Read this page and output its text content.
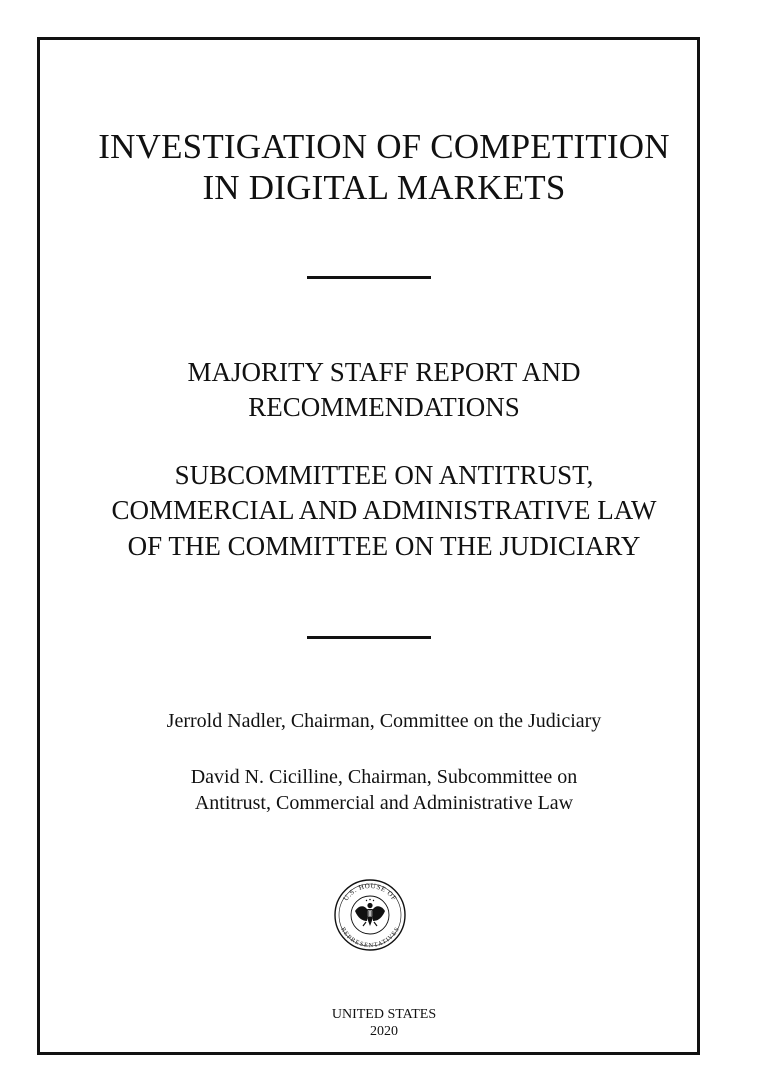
INVESTIGATION OF COMPETITION
IN DIGITAL MARKETS
MAJORITY STAFF REPORT AND
RECOMMENDATIONS
SUBCOMMITTEE ON ANTITRUST,
COMMERCIAL AND ADMINISTRATIVE LAW
OF THE COMMITTEE ON THE JUDICIARY
Jerrold Nadler, Chairman, Committee on the Judiciary
David N. Cicilline, Chairman, Subcommittee on
Antitrust, Commercial and Administrative Law
U.S. HOUSE OF
REPRESENTATIVES
UNITED STATES
2020
